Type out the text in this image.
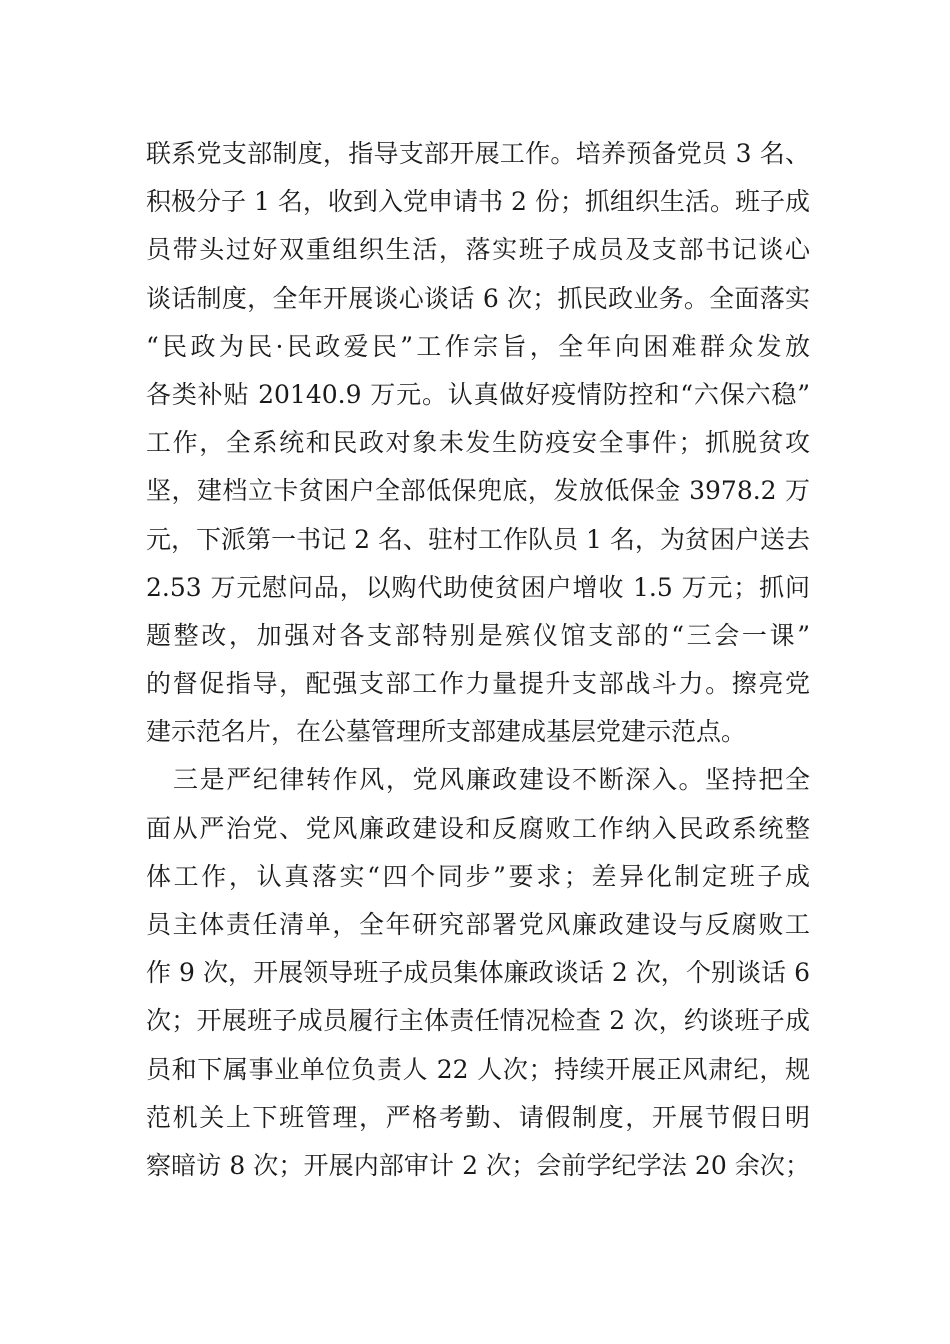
联系党支部制度，指导支部开展工作。培养预备党员 3 名、
积极分子 1 名，收到入党申请书 2 份；抓组织生活。班子成
员带头过好双重组织生活，落实班子成员及支部书记谈心
谈话制度，全年开展谈心谈话 6 次；抓民政业务。全面落实
“民政为民·民政爱民”工作宗旨，全年向困难群众发放
各类补贴 20140.9 万元。认真做好疫情防控和“六保六稳”
工作，全系统和民政对象未发生防疫安全事件；抓脱贫攻
坚，建档立卡贫困户全部低保兜底，发放低保金 3978.2 万
元，下派第一书记 2 名、驻村工作队员 1 名，为贫困户送去
2.53 万元慰问品，以购代助使贫困户增收 1.5 万元；抓问
题整改，加强对各支部特别是殡仪馆支部的“三会一课”
的督促指导，配强支部工作力量提升支部战斗力。擦亮党
建示范名片，在公墓管理所支部建成基层党建示范点。
三是严纪律转作风，党风廉政建设不断深入。坚持把全
面从严治党、党风廉政建设和反腐败工作纳入民政系统整
体工作，认真落实“四个同步”要求；差异化制定班子成
员主体责任清单，全年研究部署党风廉政建设与反腐败工
作 9 次，开展领导班子成员集体廉政谈话 2 次，个别谈话 6
次；开展班子成员履行主体责任情况检查 2 次，约谈班子成
员和下属事业单位负责人 22 人次；持续开展正风肃纪，规
范机关上下班管理，严格考勤、请假制度，开展节假日明
察暗访 8 次；开展内部审计 2 次；会前学纪学法 20 余次；
